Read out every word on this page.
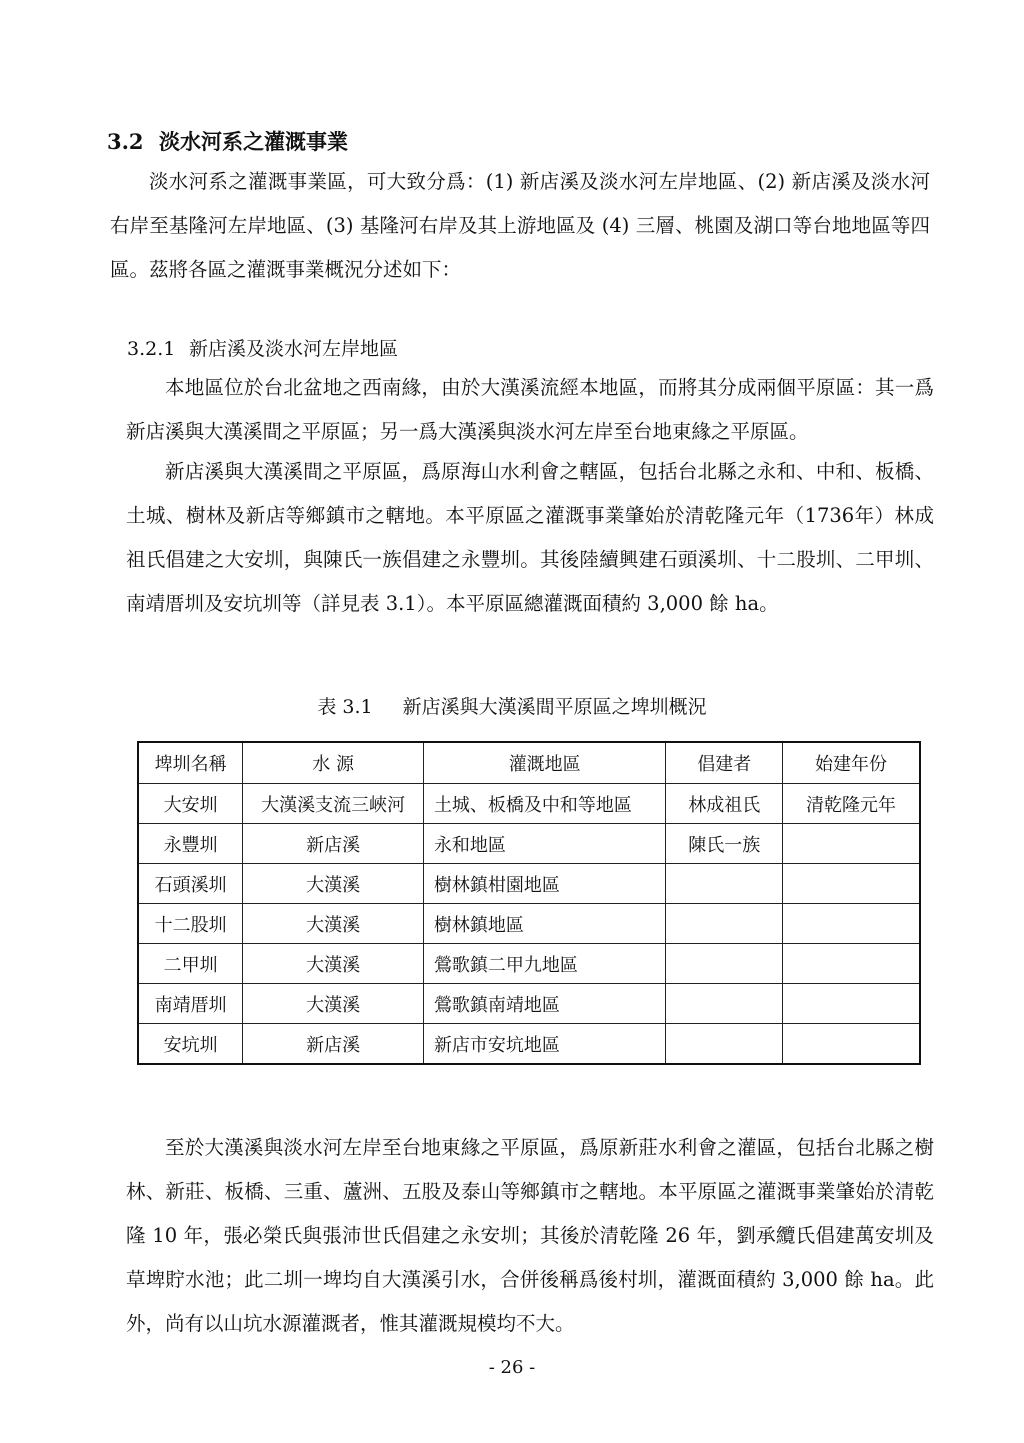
3.2 淡水河系之灌溉事業

淡水河系之灌溉事業區，可大致分爲：(1) 新店溪及淡水河左岸地區、(2) 新店溪及淡水河右岸至基隆河左岸地區、(3) 基隆河右岸及其上游地區及 (4) 三層、桃園及湖口等台地地區等四區。茲將各區之灌溉事業概況分述如下：

3.2.1 新店溪及淡水河左岸地區

本地區位於台北盆地之西南緣，由於大漢溪流經本地區，而將其分成兩個平原區：其一爲新店溪與大漢溪間之平原區；另一爲大漢溪與淡水河左岸至台地東緣之平原區。

新店溪與大漢溪間之平原區，爲原海山水利會之轄區，包括台北縣之永和、中和、板橋、土城、樹林及新店等鄉鎮市之轄地。本平原區之灌溉事業肇始於清乾隆元年（1736年）林成祖氏倡建之大安圳，與陳氏一族倡建之永豐圳。其後陸續興建石頭溪圳、十二股圳、二甲圳、南靖厝圳及安坑圳等（詳見表 3.1）。本平原區總灌溉面積約 3,000 餘 ha。

表 3.1 新店溪與大漢溪間平原區之埤圳概況
埤圳名稱	水 源	灌溉地區	倡建者	始建年份
大安圳	大漢溪支流三峽河	土城、板橋及中和等地區	林成祖氏	清乾隆元年
永豐圳	新店溪	永和地區	陳氏一族	
石頭溪圳	大漢溪	樹林鎮柑園地區		
十二股圳	大漢溪	樹林鎮地區		
二甲圳	大漢溪	鶯歌鎮二甲九地區		
南靖厝圳	大漢溪	鶯歌鎮南靖地區		
安坑圳	新店溪	新店市安坑地區		

至於大漢溪與淡水河左岸至台地東緣之平原區，爲原新莊水利會之灌區，包括台北縣之樹林、新莊、板橋、三重、蘆洲、五股及泰山等鄉鎮市之轄地。本平原區之灌溉事業肇始於清乾隆 10 年，張必榮氏與張沛世氏倡建之永安圳；其後於清乾隆 26 年，劉承纜氏倡建萬安圳及草埤貯水池；此二圳一埤均自大漢溪引水，合併後稱爲後村圳，灌溉面積約 3,000 餘 ha。此外，尚有以山坑水源灌溉者，惟其灌溉規模均不大。

- 26 -
